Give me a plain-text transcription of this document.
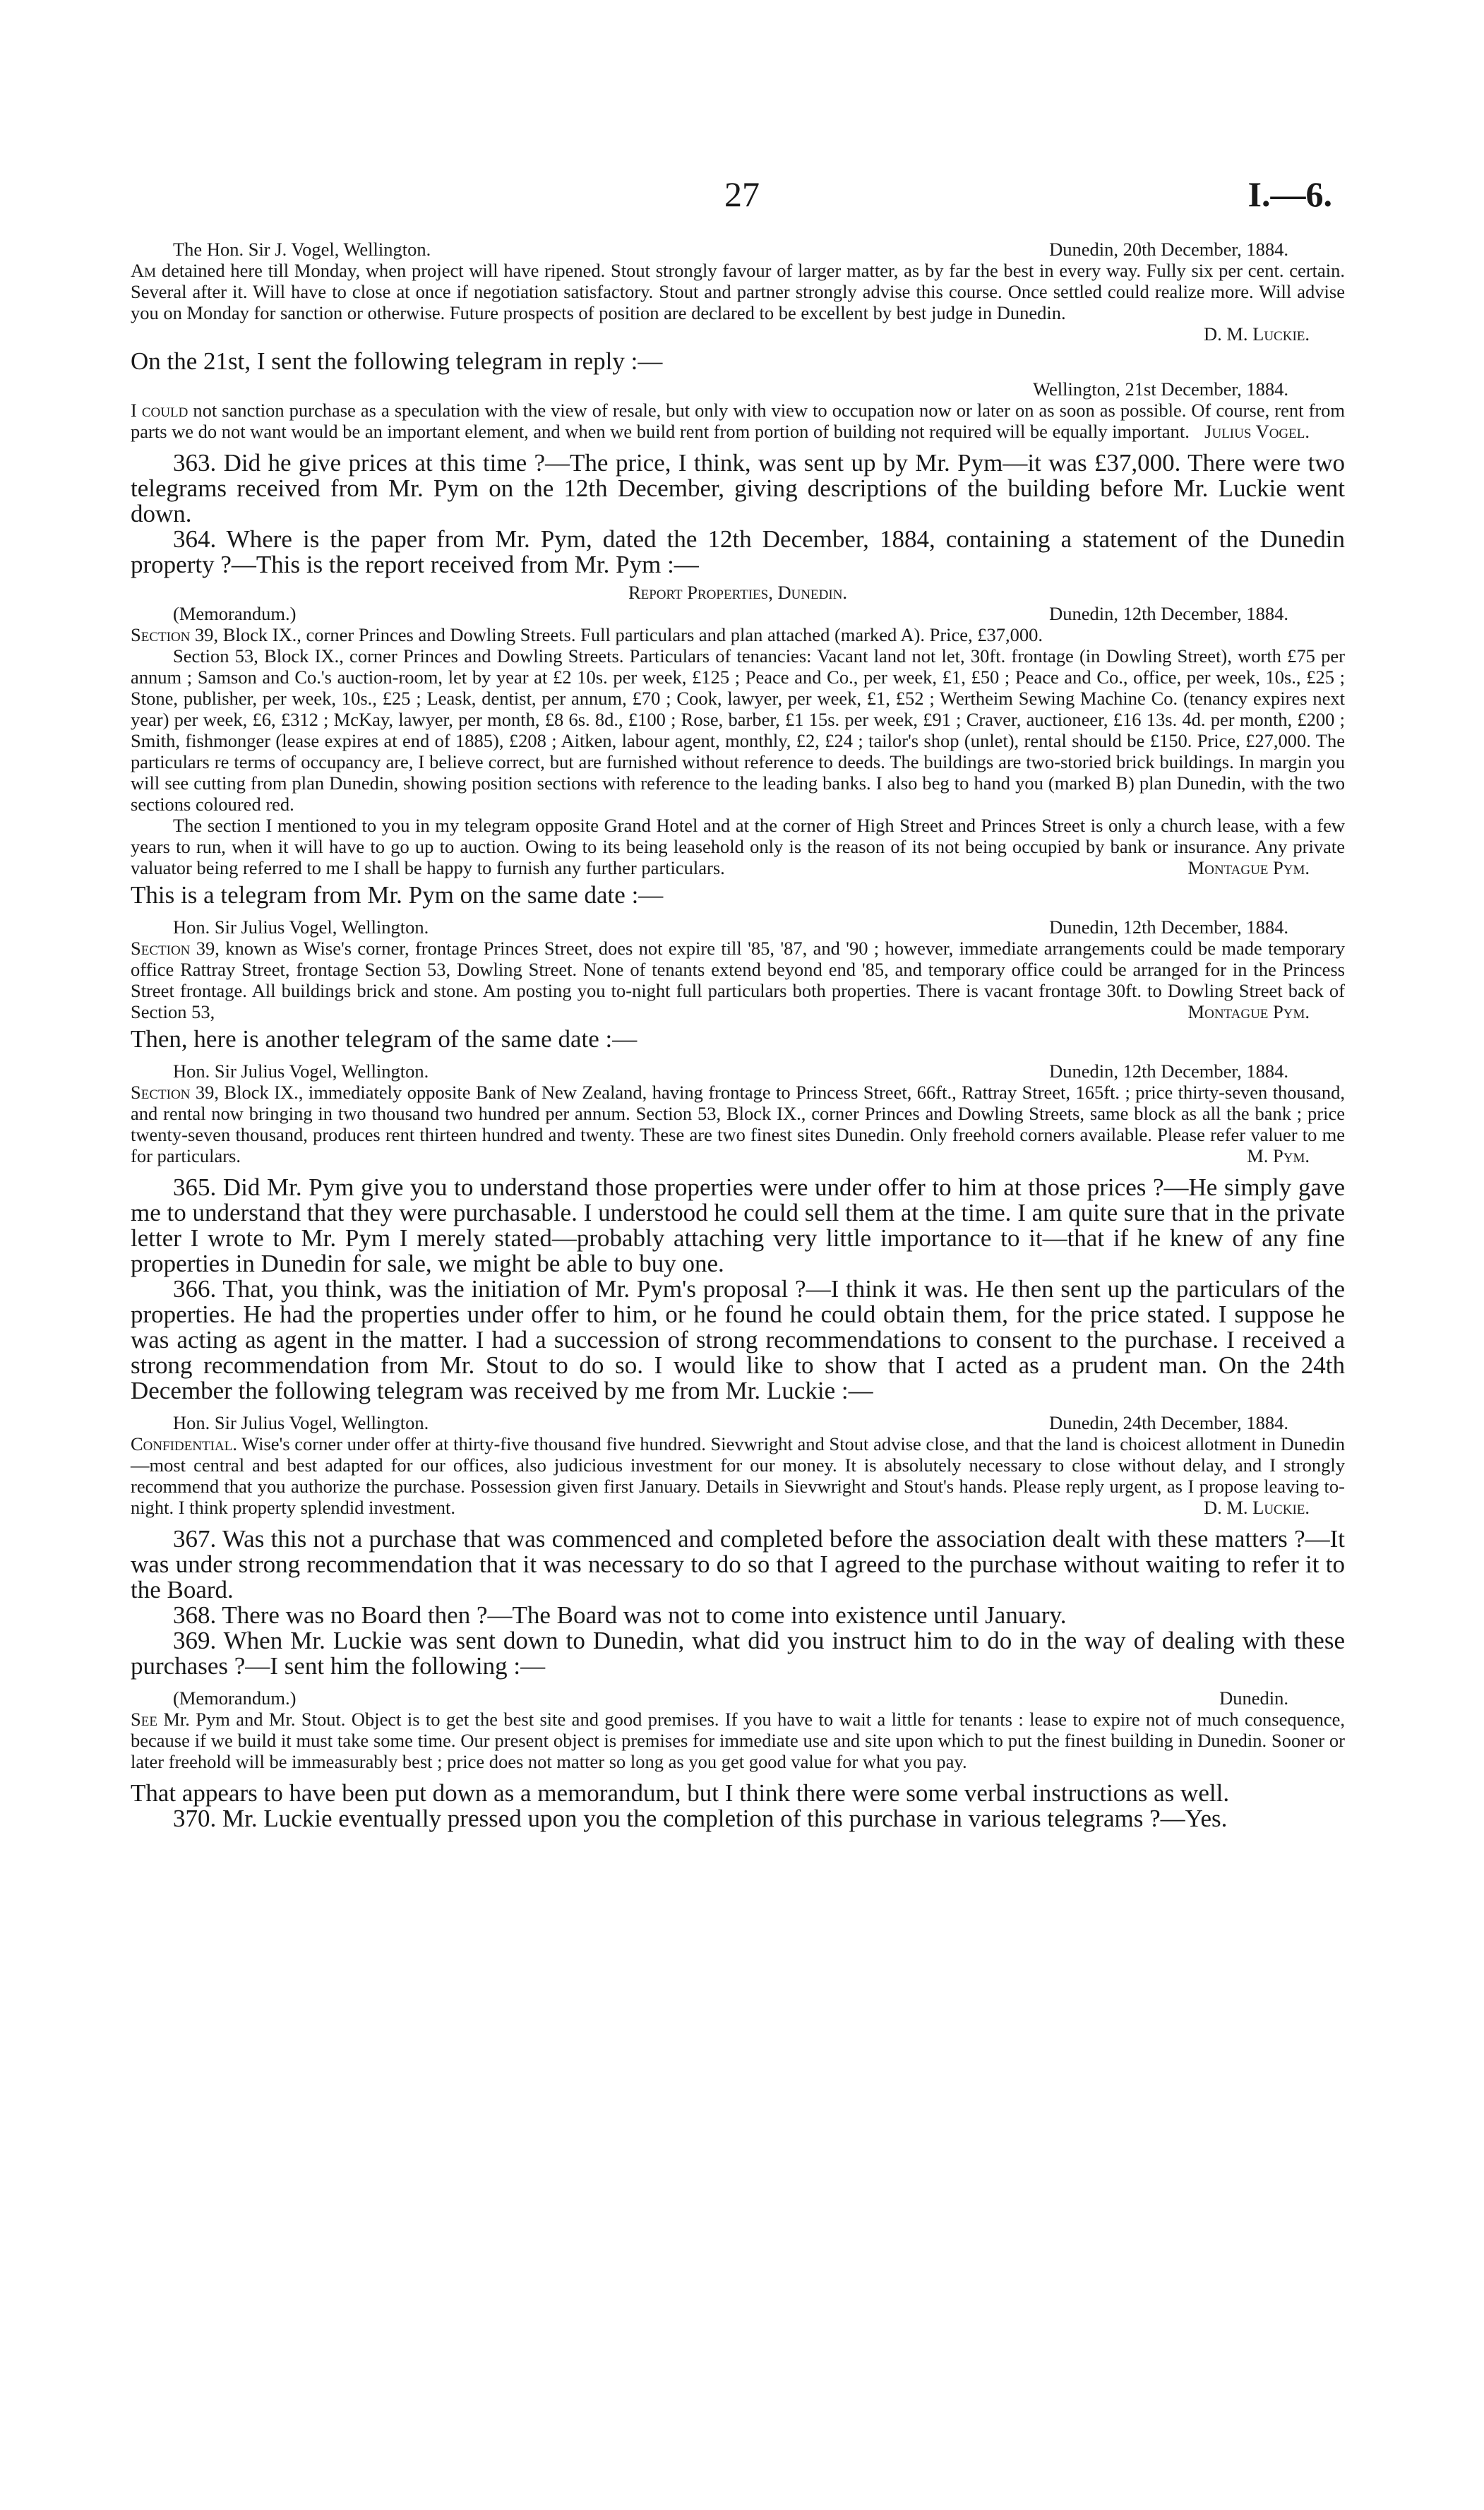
27	I.—6.
The Hon. Sir J. Vogel, Wellington.	Dunedin, 20th December, 1884.

Am detained here till Monday, when project will have ripened. Stout strongly favour of larger matter, as by far the best in every way. Fully six per cent. certain. Several after it. Will have to close at once if negotiation satisfactory. Stout and partner strongly advise this course. Once settled could realize more. Will advise you on Monday for sanction or otherwise. Future prospects of position are declared to be excellent by best judge in Dunedin.

D. M. Luckie.

On the 21st, I sent the following telegram in reply :—

Wellington, 21st December, 1884.

I could not sanction purchase as a speculation with the view of resale, but only with view to occupation now or later on as soon as possible. Of course, rent from parts we do not want would be an important element, and when we build rent from portion of building not required will be equally important. Julius Vogel.

363. Did he give prices at this time ?—The price, I think, was sent up by Mr. Pym—it was £37,000. There were two telegrams received from Mr. Pym on the 12th December, giving descriptions of the building before Mr. Luckie went down.

364. Where is the paper from Mr. Pym, dated the 12th December, 1884, containing a statement of the Dunedin property ?—This is the report received from Mr. Pym :—

Report Properties, Dunedin.
(Memorandum.)	Dunedin, 12th December, 1884.

Section 39, Block IX., corner Princes and Dowling Streets. Full particulars and plan attached (marked A). Price, £37,000.

Section 53, Block IX., corner Princes and Dowling Streets. Particulars of tenancies: Vacant land not let, 30ft. frontage (in Dowling Street), worth £75 per annum ; Samson and Co.'s auction-room, let by year at £2 10s. per week, £125 ; Peace and Co., per week, £1, £50 ; Peace and Co., office, per week, 10s., £25 ; Stone, publisher, per week, 10s., £25 ; Leask, dentist, per annum, £70 ; Cook, lawyer, per week, £1, £52 ; Wertheim Sewing Machine Co. (tenancy expires next year) per week, £6, £312 ; McKay, lawyer, per month, £8 6s. 8d., £100 ; Rose, barber, £1 15s. per week, £91 ; Craver, auctioneer, £16 13s. 4d. per month, £200 ; Smith, fishmonger (lease expires at end of 1885), £208 ; Aitken, labour agent, monthly, £2, £24 ; tailor's shop (unlet), rental should be £150. Price, £27,000. The particulars re terms of occupancy are, I believe correct, but are furnished without reference to deeds. The buildings are two-storied brick buildings. In margin you will see cutting from plan Dunedin, showing position sections with reference to the leading banks. I also beg to hand you (marked B) plan Dunedin, with the two sections coloured red.

The section I mentioned to you in my telegram opposite Grand Hotel and at the corner of High Street and Princes Street is only a church lease, with a few years to run, when it will have to go up to auction. Owing to its being leasehold only is the reason of its not being occupied by bank or insurance. Any private valuator being referred to me I shall be happy to furnish any further particulars.	Montague Pym.

This is a telegram from Mr. Pym on the same date :—

Hon. Sir Julius Vogel, Wellington.	Dunedin, 12th December, 1884.

Section 39, known as Wise's corner, frontage Princes Street, does not expire till '85, '87, and '90 ; however, immediate arrangements could be made temporary office Rattray Street, frontage Section 53, Dowling Street. None of tenants extend beyond end '85, and temporary office could be arranged for in the Princess Street frontage. All buildings brick and stone. Am posting you to-night full particulars both properties. There is vacant frontage 30ft. to Dowling Street back of Section 53,	Montague Pym.

Then, here is another telegram of the same date :—

Hon. Sir Julius Vogel, Wellington.	Dunedin, 12th December, 1884.

Section 39, Block IX., immediately opposite Bank of New Zealand, having frontage to Princess Street, 66ft., Rattray Street, 165ft. ; price thirty-seven thousand, and rental now bringing in two thousand two hundred per annum. Section 53, Block IX., corner Princes and Dowling Streets, same block as all the bank ; price twenty-seven thousand, produces rent thirteen hundred and twenty. These are two finest sites Dunedin. Only freehold corners available. Please refer valuer to me for particulars.	M. Pym.

365. Did Mr. Pym give you to understand those properties were under offer to him at those prices ?—He simply gave me to understand that they were purchasable. I understood he could sell them at the time. I am quite sure that in the private letter I wrote to Mr. Pym I merely stated—probably attaching very little importance to it—that if he knew of any fine properties in Dunedin for sale, we might be able to buy one.

366. That, you think, was the initiation of Mr. Pym's proposal ?—I think it was. He then sent up the particulars of the properties. He had the properties under offer to him, or he found he could obtain them, for the price stated. I suppose he was acting as agent in the matter. I had a succession of strong recommendations to consent to the purchase. I received a strong recommendation from Mr. Stout to do so. I would like to show that I acted as a prudent man. On the 24th December the following telegram was received by me from Mr. Luckie :—

Hon. Sir Julius Vogel, Wellington.	Dunedin, 24th December, 1884.

Confidential. Wise's corner under offer at thirty-five thousand five hundred. Sievwright and Stout advise close, and that the land is choicest allotment in Dunedin—most central and best adapted for our offices, also judicious investment for our money. It is absolutely necessary to close without delay, and I strongly recommend that you authorize the purchase. Possession given first January. Details in Sievwright and Stout's hands. Please reply urgent, as I propose leaving to-night. I think property splendid investment.	D. M. Luckie.

367. Was this not a purchase that was commenced and completed before the association dealt with these matters ?—It was under strong recommendation that it was necessary to do so that I agreed to the purchase without waiting to refer it to the Board.

368. There was no Board then ?—The Board was not to come into existence until January.

369. When Mr. Luckie was sent down to Dunedin, what did you instruct him to do in the way of dealing with these purchases ?—I sent him the following :—

(Memorandum.)	Dunedin.

See Mr. Pym and Mr. Stout. Object is to get the best site and good premises. If you have to wait a little for tenants : lease to expire not of much consequence, because if we build it must take some time. Our present object is premises for immediate use and site upon which to put the finest building in Dunedin. Sooner or later freehold will be immeasurably best ; price does not matter so long as you get good value for what you pay.

That appears to have been put down as a memorandum, but I think there were some verbal instructions as well.

370. Mr. Luckie eventually pressed upon you the completion of this purchase in various telegrams ?—Yes.
